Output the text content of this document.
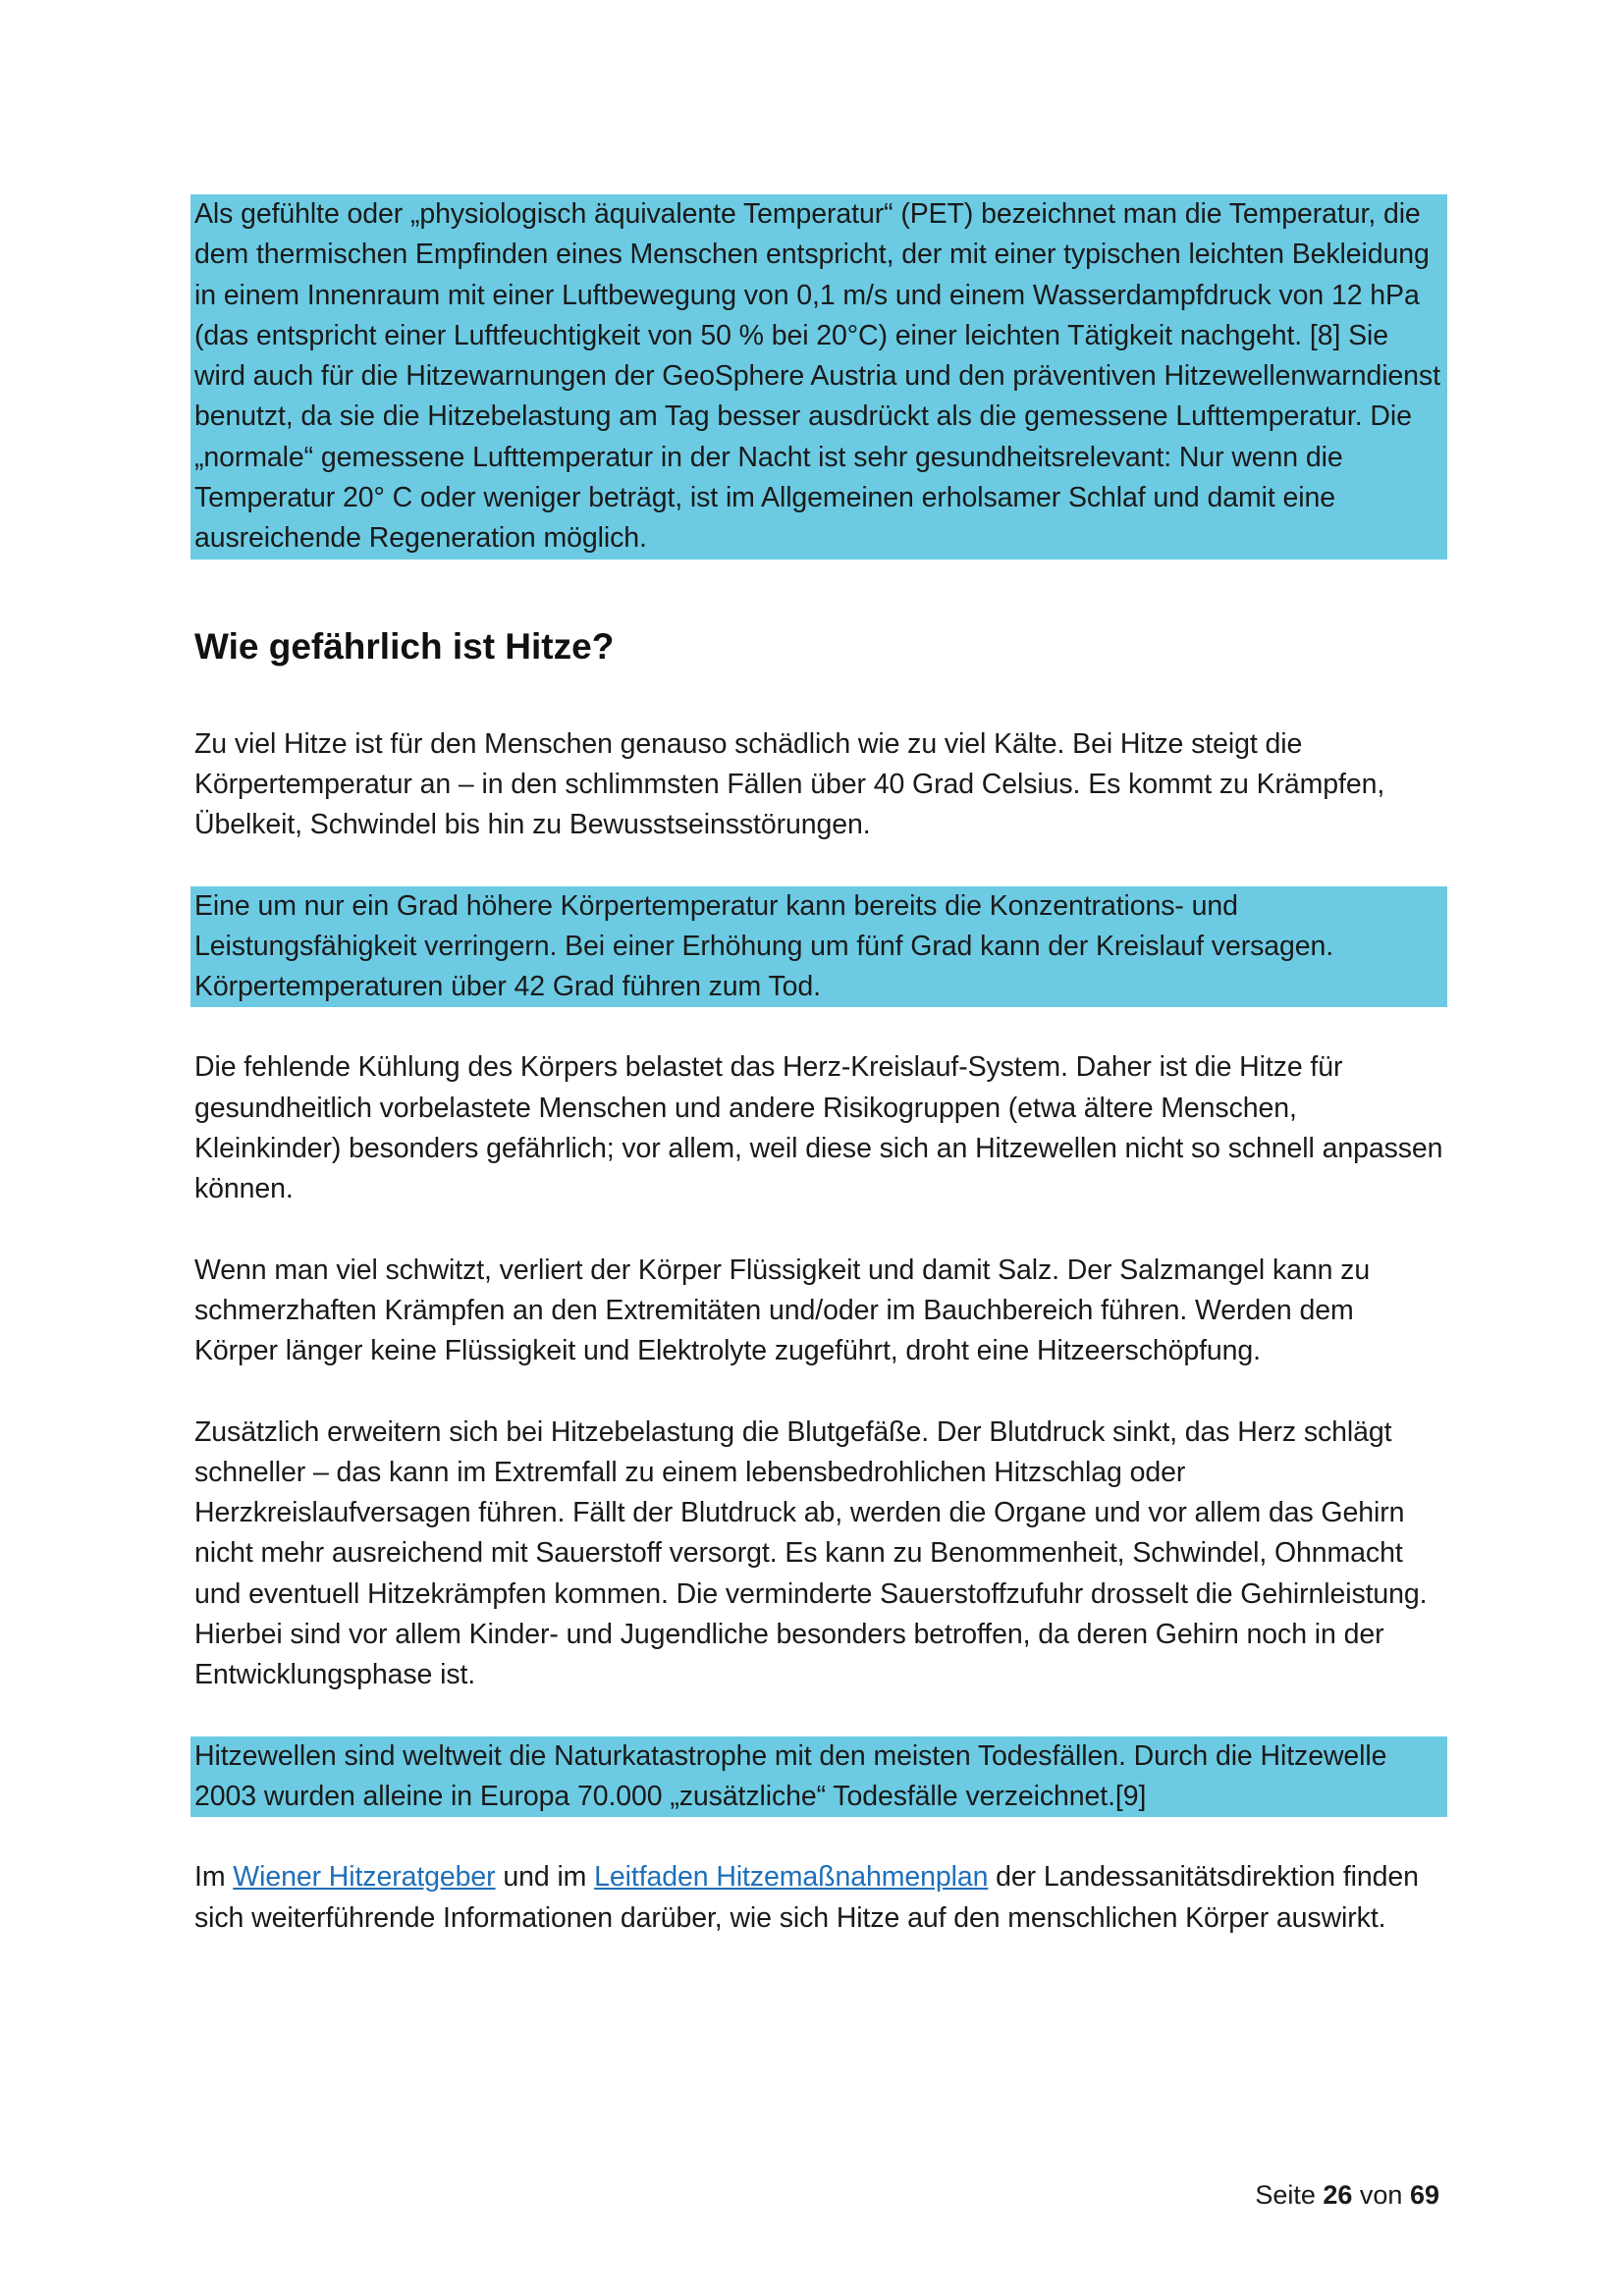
Als gefühlte oder „physiologisch äquivalente Temperatur“ (PET) bezeichnet man die Temperatur, die dem thermischen Empfinden eines Menschen entspricht, der mit einer typischen leichten Bekleidung in einem Innenraum mit einer Luftbewegung von 0,1 m/s und einem Wasserdampfdruck von 12 hPa (das entspricht einer Luftfeuchtigkeit von 50 % bei 20°C) einer leichten Tätigkeit nachgeht. [8] Sie wird auch für die Hitzewarnungen der GeoSphere Austria und den präventiven Hitzewellenwarndienst benutzt, da sie die Hitzebelastung am Tag besser ausdrückt als die gemessene Lufttemperatur. Die „normale“ gemessene Lufttemperatur in der Nacht ist sehr gesundheitsrelevant: Nur wenn die Temperatur 20° C oder weniger beträgt, ist im Allgemeinen erholsamer Schlaf und damit eine ausreichende Regeneration möglich.

Wie gefährlich ist Hitze?

Zu viel Hitze ist für den Menschen genauso schädlich wie zu viel Kälte. Bei Hitze steigt die Körpertemperatur an – in den schlimmsten Fällen über 40 Grad Celsius. Es kommt zu Krämpfen, Übelkeit, Schwindel bis hin zu Bewusstseinsstörungen.

Eine um nur ein Grad höhere Körpertemperatur kann bereits die Konzentrations- und Leistungsfähigkeit verringern. Bei einer Erhöhung um fünf Grad kann der Kreislauf versagen. Körpertemperaturen über 42 Grad führen zum Tod.

Die fehlende Kühlung des Körpers belastet das Herz-Kreislauf-System. Daher ist die Hitze für gesundheitlich vorbelastete Menschen und andere Risikogruppen (etwa ältere Menschen, Kleinkinder) besonders gefährlich; vor allem, weil diese sich an Hitzewellen nicht so schnell anpassen können.

Wenn man viel schwitzt, verliert der Körper Flüssigkeit und damit Salz. Der Salzmangel kann zu schmerzhaften Krämpfen an den Extremitäten und/oder im Bauchbereich führen. Werden dem Körper länger keine Flüssigkeit und Elektrolyte zugeführt, droht eine Hitzeerschöpfung.

Zusätzlich erweitern sich bei Hitzebelastung die Blutgefäße. Der Blutdruck sinkt, das Herz schlägt schneller – das kann im Extremfall zu einem lebensbedrohlichen Hitzschlag oder Herzkreislaufversagen führen. Fällt der Blutdruck ab, werden die Organe und vor allem das Gehirn nicht mehr ausreichend mit Sauerstoff versorgt. Es kann zu Benommenheit, Schwindel, Ohnmacht und eventuell Hitzekrämpfen kommen. Die verminderte Sauerstoffzufuhr drosselt die Gehirnleistung. Hierbei sind vor allem Kinder- und Jugendliche besonders betroffen, da deren Gehirn noch in der Entwicklungsphase ist.

Hitzewellen sind weltweit die Naturkatastrophe mit den meisten Todesfällen. Durch die Hitzewelle 2003 wurden alleine in Europa 70.000 „zusätzliche“ Todesfälle verzeichnet.[9]

Im Wiener Hitzeratgeber und im Leitfaden Hitzemaßnahmenplan der Landessanitätsdirektion finden sich weiterführende Informationen darüber, wie sich Hitze auf den menschlichen Körper auswirkt.

Seite 26 von 69
